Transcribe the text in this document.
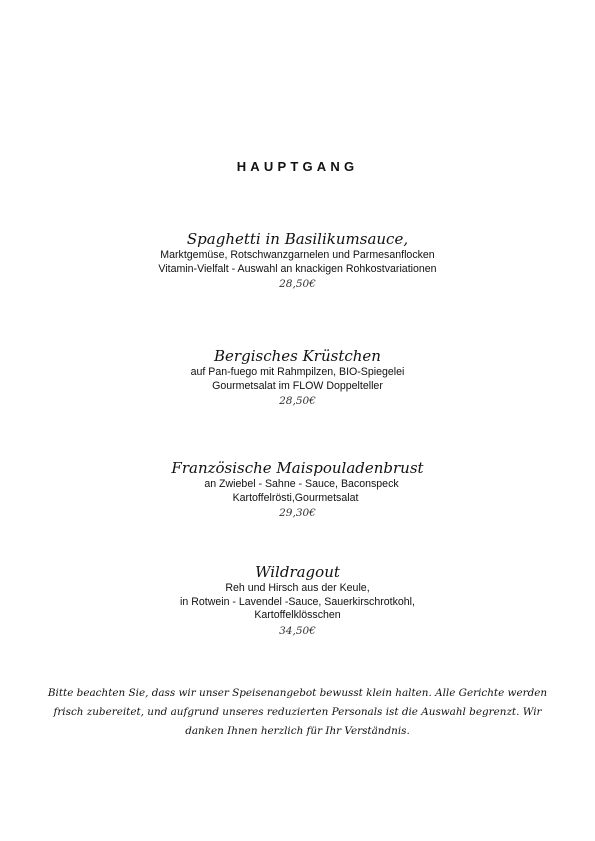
HAUPTGANG

Spaghetti in Basilikumsauce,

Marktgemüse, Rotschwanzgarnelen und Parmesanflocken

Vitamin-Vielfalt - Auswahl an knackigen Rohkostvariationen

28,50€

Bergisches Krüstchen

auf Pan-fuego mit Rahmpilzen, BIO-Spiegelei

Gourmetsalat im FLOW Doppelteller

28,50€

Französische Maispouladenbrust

an Zwiebel - Sahne - Sauce, Baconspeck

Kartoffelrösti,Gourmetsalat

29,30€

Wildragout

Reh und Hirsch aus der Keule,

in Rotwein - Lavendel -Sauce, Sauerkirschrotkohl,

Kartoffelklösschen

34,50€

Bitte beachten Sie, dass wir unser Speisenangebot bewusst klein halten. Alle Gerichte werden frisch zubereitet, und aufgrund unseres reduzierten Personals ist die Auswahl begrenzt. Wir danken Ihnen herzlich für Ihr Verständnis.
